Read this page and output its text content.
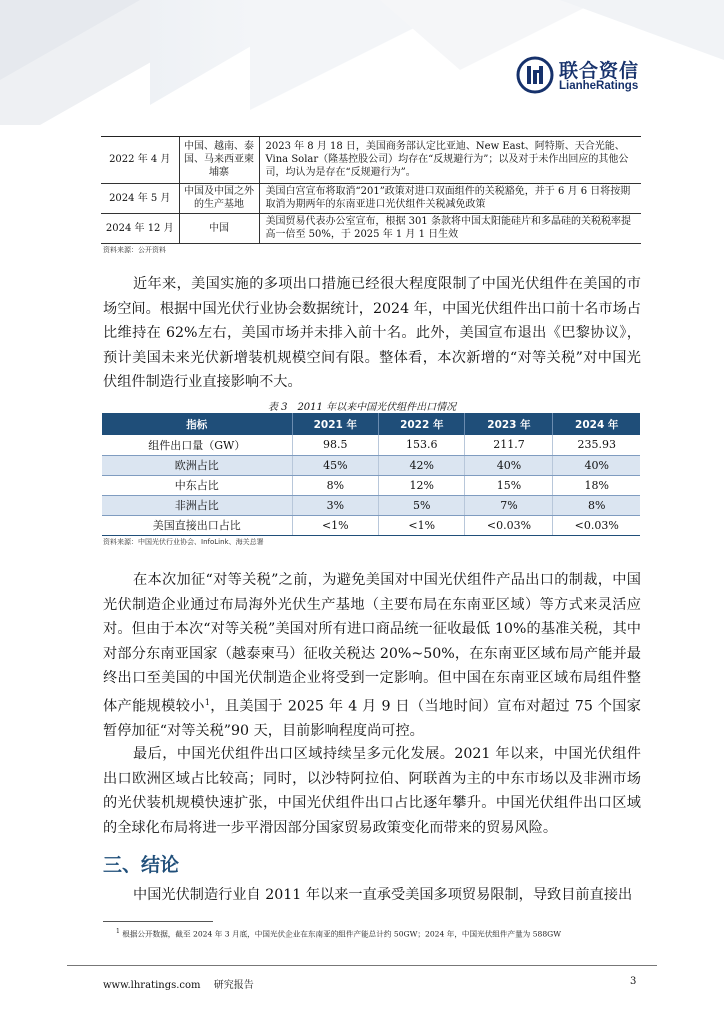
联合资信
LianheRatings
2022 年 4 月	中国、越南、泰国、马来西亚柬埔寨	2023 年 8 月 18 日，美国商务部认定比亚迪、New East、阿特斯、天合光能、Vina Solar（隆基控股公司）均存在“反规避行为”；以及对于未作出回应的其他公司，均认为是存在“反规避行为”。
2024 年 5 月	中国及中国之外的生产基地	美国白宫宣布将取消“201”政策对进口双面组件的关税豁免，并于 6 月 6 日将按期取消为期两年的东南亚进口光伏组件关税减免政策
2024 年 12 月	中国	美国贸易代表办公室宣布，根据 301 条款将中国太阳能硅片和多晶硅的关税税率提高一倍至 50%，于 2025 年 1 月 1 日生效
资料来源：公开资料

近年来，美国实施的多项出口措施已经很大程度限制了中国光伏组件在美国的市场空间。根据中国光伏行业协会数据统计，2024 年，中国光伏组件出口前十名市场占比维持在 62%左右，美国市场并未排入前十名。此外，美国宣布退出《巴黎协议》，预计美国未来光伏新增装机规模空间有限。整体看，本次新增的“对等关税”对中国光伏组件制造行业直接影响不大。

表 3　2011 年以来中国光伏组件出口情况
指标	2021 年	2022 年	2023 年	2024 年
组件出口量（GW）	98.5	153.6	211.7	235.93
欧洲占比	45%	42%	40%	40%
中东占比	8%	12%	15%	18%
非洲占比	3%	5%	7%	8%
美国直接出口占比	<1%	<1%	<0.03%	<0.03%
资料来源：中国光伏行业协会、InfoLink、海关总署

在本次加征“对等关税”之前，为避免美国对中国光伏组件产品出口的制裁，中国光伏制造企业通过布局海外光伏生产基地（主要布局在东南亚区域）等方式来灵活应对。但由于本次“对等关税”美国对所有进口商品统一征收最低 10%的基准关税，其中对部分东南亚国家（越泰柬马）征收关税达 20%~50%，在东南亚区域布局产能并最终出口至美国的中国光伏制造企业将受到一定影响。但中国在东南亚区域布局组件整体产能规模较小$^1$，且美国于 2025 年 4 月 9 日（当地时间）宣布对超过 75 个国家暂停加征“对等关税”90 天，目前影响程度尚可控。

最后，中国光伏组件出口区域持续呈多元化发展。2021 年以来，中国光伏组件出口欧洲区域占比较高；同时，以沙特阿拉伯、阿联酋为主的中东市场以及非洲市场的光伏装机规模快速扩张，中国光伏组件出口占比逐年攀升。中国光伏组件出口区域的全球化布局将进一步平滑因部分国家贸易政策变化而带来的贸易风险。

三、结论

中国光伏制造行业自 2011 年以来一直承受美国多项贸易限制，导致目前直接出

$^1$ 根据公开数据，截至 2024 年 3 月底，中国光伏企业在东南亚的组件产能总计约 50GW；2024 年，中国光伏组件产量为 588GW
www.lhratings.com 研究报告	3
